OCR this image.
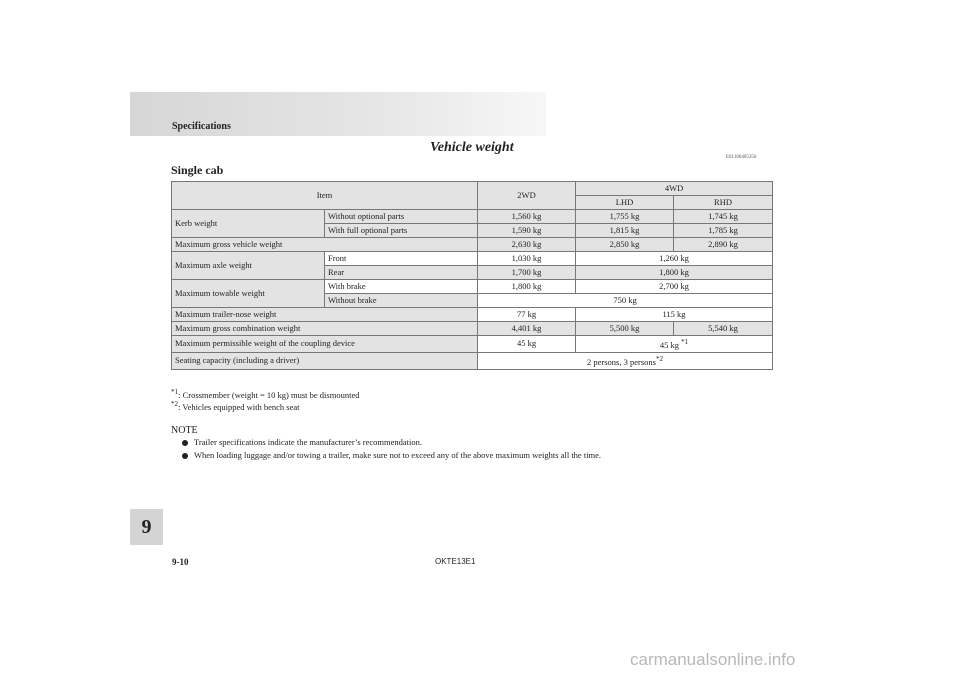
Specifications
Vehicle weight
E01100405356
Single cab
Item		2WD	4WD	
			LHD	RHD
Kerb weight	Without optional parts	1,560 kg	1,755 kg	1,745 kg
	With full optional parts	1,590 kg	1,815 kg	1,785 kg
Maximum gross vehicle weight		2,630 kg	2,850 kg	2,890 kg
Maximum axle weight	Front	1,030 kg	1,260 kg	
	Rear	1,700 kg	1,800 kg	
Maximum towable weight	With brake	1,800 kg	2,700 kg	
	Without brake	750 kg		
Maximum trailer-nose weight		77 kg	115 kg	
Maximum gross combination weight		4,401 kg	5,500 kg	5,540 kg
Maximum permissible weight of the coupling device		45 kg	45 kg $^{*1}$
Seating capacity (including a driver)		2 persons, 3 persons$^{*2}$
$^{*1}$: Crossmember (weight = 10 kg) must be dismounted
$^{*2}$: Vehicles equipped with bench seat
NOTE
Trailer specifications indicate the manufacturer’s recommendation.
When loading luggage and/or towing a trailer, make sure not to exceed any of the above maximum weights all the time.
9
9-10	OKTE13E1
carmanualsonline.info
